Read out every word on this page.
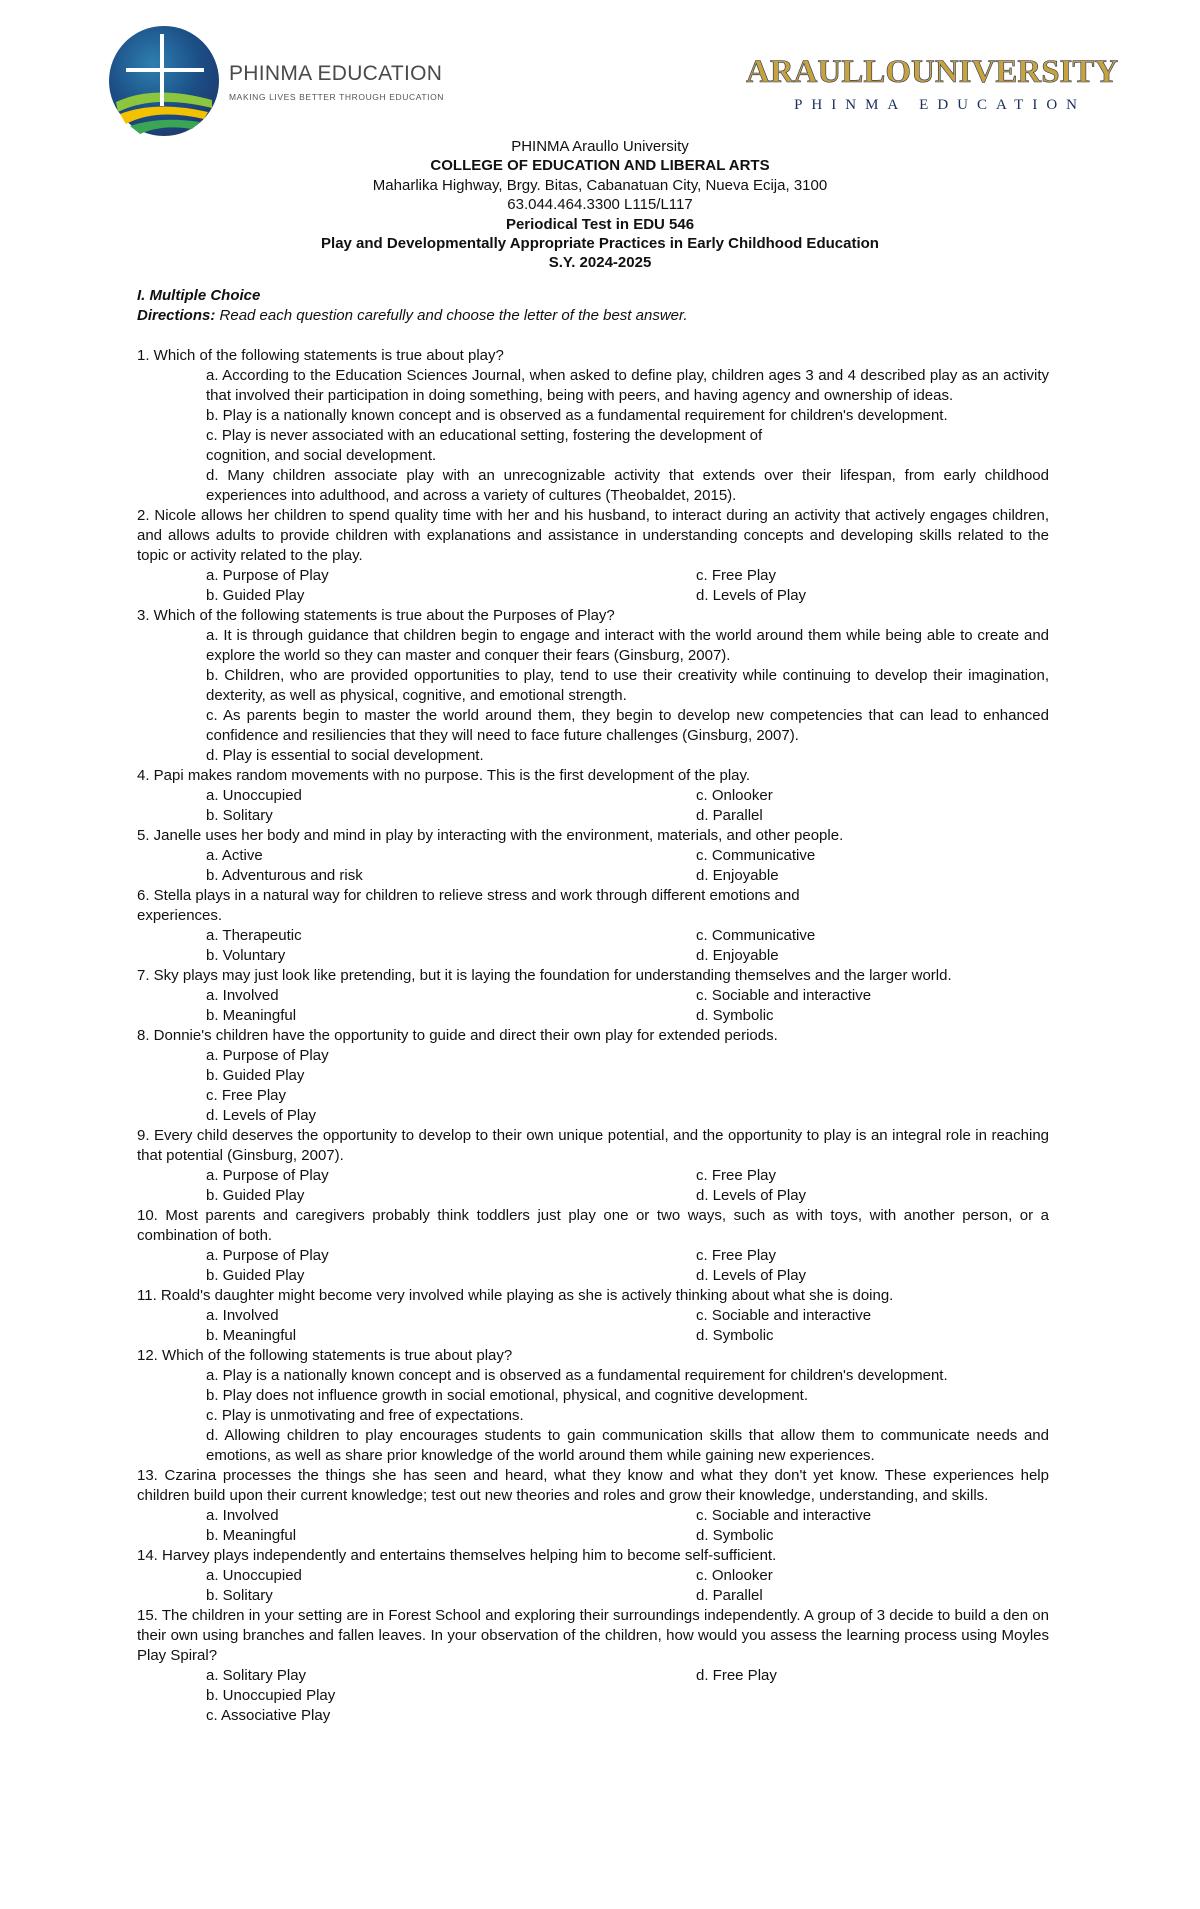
PHINMA EDUCATION
MAKING LIVES BETTER THROUGH EDUCATION
ARAULLOUNIVERSITY
PHINMA EDUCATION
PHINMA Araullo University
COLLEGE OF EDUCATION AND LIBERAL ARTS
Maharlika Highway, Brgy. Bitas, Cabanatuan City, Nueva Ecija, 3100
63.044.464.3300 L115/L117
Periodical Test in EDU 546
Play and Developmentally Appropriate Practices in Early Childhood Education
S.Y. 2024-2025
I. Multiple Choice
Directions: Read each question carefully and choose the letter of the best answer.
1. Which of the following statements is true about play?
a. According to the Education Sciences Journal, when asked to define play, children ages 3 and 4 described play as an activity that involved their participation in doing something, being with peers, and having agency and ownership of ideas.
b. Play is a nationally known concept and is observed as a fundamental requirement for children's development.
c. Play is never associated with an educational setting, fostering the development of
cognition, and social development.
d. Many children associate play with an unrecognizable activity that extends over their lifespan, from early childhood experiences into adulthood, and across a variety of cultures (Theobaldet, 2015).
2. Nicole allows her children to spend quality time with her and his husband, to interact during an activity that actively engages children, and allows adults to provide children with explanations and assistance in understanding concepts and developing skills related to the topic or activity related to the play.
a. Purpose of Play	c. Free Play
b. Guided Play	d. Levels of Play
3. Which of the following statements is true about the Purposes of Play?
a. It is through guidance that children begin to engage and interact with the world around them while being able to create and explore the world so they can master and conquer their fears (Ginsburg, 2007).
b. Children, who are provided opportunities to play, tend to use their creativity while continuing to develop their imagination, dexterity, as well as physical, cognitive, and emotional strength.
c. As parents begin to master the world around them, they begin to develop new competencies that can lead to enhanced confidence and resiliencies that they will need to face future challenges (Ginsburg, 2007).
d. Play is essential to social development.
4. Papi makes random movements with no purpose. This is the first development of the play.
a. Unoccupied	c. Onlooker
b. Solitary	d. Parallel
5. Janelle uses her body and mind in play by interacting with the environment, materials, and other people.
a. Active	c. Communicative
b. Adventurous and risk	d. Enjoyable
6. Stella plays in a natural way for children to relieve stress and work through different emotions and
experiences.
a. Therapeutic	c. Communicative
b. Voluntary	d. Enjoyable
7. Sky plays may just look like pretending, but it is laying the foundation for understanding themselves and the larger world.
a. Involved	c. Sociable and interactive
b. Meaningful	d. Symbolic
8. Donnie's children have the opportunity to guide and direct their own play for extended periods.
a. Purpose of Play
b. Guided Play
c. Free Play
d. Levels of Play
9. Every child deserves the opportunity to develop to their own unique potential, and the opportunity to play is an integral role in reaching that potential (Ginsburg, 2007).
a. Purpose of Play	c. Free Play
b. Guided Play	d. Levels of Play
10. Most parents and caregivers probably think toddlers just play one or two ways, such as with toys, with another person, or a combination of both.
a. Purpose of Play	c. Free Play
b. Guided Play	d. Levels of Play
11. Roald's daughter might become very involved while playing as she is actively thinking about what she is doing.
a. Involved	c. Sociable and interactive
b. Meaningful	d. Symbolic
12. Which of the following statements is true about play?
a. Play is a nationally known concept and is observed as a fundamental requirement for children's development.
b. Play does not influence growth in social emotional, physical, and cognitive development.
c. Play is unmotivating and free of expectations.
d. Allowing children to play encourages students to gain communication skills that allow them to communicate needs and emotions, as well as share prior knowledge of the world around them while gaining new experiences.
13. Czarina processes the things she has seen and heard, what they know and what they don't yet know. These experiences help children build upon their current knowledge; test out new theories and roles and grow their knowledge, understanding, and skills.
a. Involved	c. Sociable and interactive
b. Meaningful	d. Symbolic
14. Harvey plays independently and entertains themselves helping him to become self-sufficient.
a. Unoccupied	c. Onlooker
b. Solitary	d. Parallel
15. The children in your setting are in Forest School and exploring their surroundings independently. A group of 3 decide to build a den on their own using branches and fallen leaves. In your observation of the children, how would you assess the learning process using Moyles Play Spiral?
a. Solitary Play	d. Free Play
b. Unoccupied Play
c. Associative Play
